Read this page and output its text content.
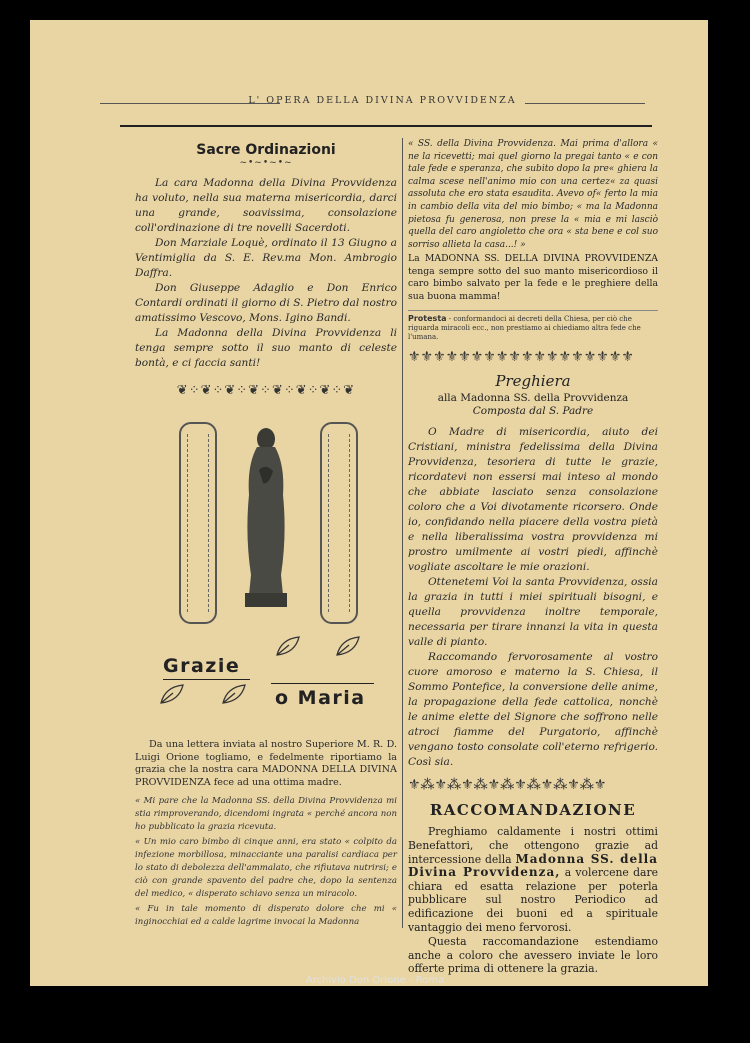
L' OPERA DELLA DIVINA PROVVIDENZA
Sacre Ordinazioni
~•~•~•~

La cara Madonna della Divina Provvidenza ha voluto, nella sua materna misericordia, darci una grande, soavissima, consolazione coll'ordinazione di tre novelli Sacerdoti.

Don Marziale Loquè, ordinato il 13 Giugno a Ventimiglia da S. E. Rev.ma Mon. Ambrogio Daffra.

Don Giuseppe Adaglio e Don Enrico Contardi ordinati il giorno di S. Pietro dal nostro amatissimo Vescovo, Mons. Igino Bandi.

La Madonna della Divina Provvidenza li tenga sempre sotto il suo manto di celeste bontà, e ci faccia santi!

❦⁘❦⁘❦⁘❦⁘❦⁘❦⁘❦⁘❦
Grazie
o Maria

Da una lettera inviata al nostro Superiore M. R. D. Luigi Orione togliamo, e fedelmente riportiamo la grazia che la nostra cara MADONNA DELLA DIVINA PROVVIDENZA fece ad una ottima madre.

« Mi pare che la Madonna SS. della Divina Provvidenza mi stia rimproverando, dicendomi ingrata « perché ancora non ho pubblicato la grazia ricevuta.

« Un mio caro bimbo di cinque anni, era stato « colpito da infezione morbillosa, minacciante una paralisi cardiaca per lo stato di debolezza dell'ammalato, che rifiutava nutrirsi; e ciò con grande spavento del padre che, dopo la sentenza del medico, « disperato schiavo senza un miracolo.

« Fu in tale momento di disperato dolore che mi « inginocchiai ed a calde lagrime invocai la Madonna

« SS. della Divina Provvidenza. Mai prima d'allora « ne la ricevetti; mai quel giorno la pregai tanto « e con tale fede e speranza, che subito dopo la pre« ghiera la calma scese nell'animo mio con una certez« za quasi assoluta che ero stata esaudita. Avevo of« ferto la mia in cambio della vita del mio bimbo; « ma la Madonna pietosa fu generosa, non prese la « mia e mi lasciò quella del caro angioletto che ora « sta bene e col suo sorriso allieta la casa...! »
La MADONNA SS. DELLA DIVINA PROVVIDENZA tenga sempre sotto del suo manto misericordioso il caro bimbo salvato per la fede e le preghiere della sua buona mamma!
Protesta - conformandoci ai decreti della Chiesa, per ciò che riguarda miracoli ecc., non prestiamo ai chiediamo altra fede che l'umana.
⚜⚜⚜⚜⚜⚜⚜⚜⚜⚜⚜⚜⚜⚜⚜⚜⚜⚜
Preghiera
alla Madonna SS. della Provvidenza
Composta dal S. Padre

O Madre di misericordia, aiuto dei Cristiani, ministra fedelissima della Divina Provvidenza, tesoriera di tutte le grazie, ricordatevi non essersi mai inteso al mondo che abbiate lasciato senza consolazione coloro che a Voi divotamente ricorsero. Onde io, confidando nella piacere della vostra pietà e nella liberalissima vostra provvidenza mi prostro umilmente ai vostri piedi, affinchè vogliate ascoltare le mie orazioni.

Ottenetemi Voi la santa Provvidenza, ossia la grazia in tutti i miei spirituali bisogni, e quella provvidenza inoltre temporale, necessaria per tirare innanzi la vita in questa valle di pianto.

Raccomando fervorosamente al vostro cuore amoroso e materno la S. Chiesa, il Sommo Pontefice, la conversione delle anime, la propagazione della fede cattolica, nonchè le anime elette del Signore che soffrono nelle atroci fiamme del Purgatorio, affinchè vengano tosto consolate coll'eterno refrigerio. Così sia.

⚜⁂⚜⁂⚜⁂⚜⁂⚜⁂⚜⁂⚜⁂⚜
RACCOMANDAZIONE

Preghiamo caldamente i nostri ottimi Benefattori, che ottengono grazie ad intercessione della Madonna SS. della Divina Provvidenza, a volercene dare chiara ed esatta relazione per poterla pubblicare sul nostro Periodico ad edificazione dei buoni ed a spirituale vantaggio dei meno fervorosi.

Questa raccomandazione estendiamo anche a coloro che avessero inviate le loro offerte prima di ottenere la grazia.

Archivio Don Orione - Roma
